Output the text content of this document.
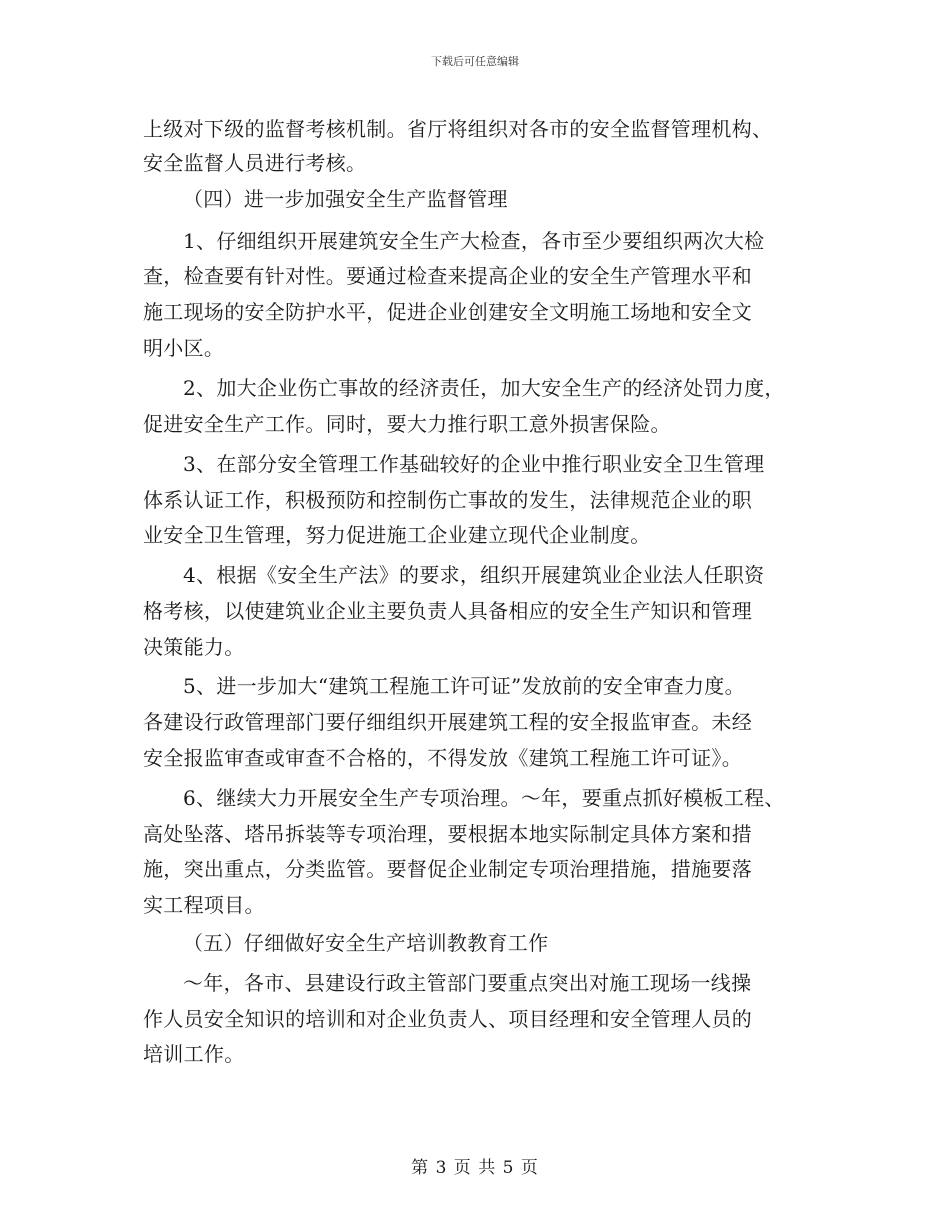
下载后可任意编辑
上级对下级的监督考核机制。省厅将组织对各市的安全监督管理机构、
安全监督人员进行考核。
（四）进一步加强安全生产监督管理
1、仔细组织开展建筑安全生产大检查，各市至少要组织两次大检
查，检查要有针对性。要通过检查来提高企业的安全生产管理水平和
施工现场的安全防护水平，促进企业创建安全文明施工场地和安全文
明小区。
2、加大企业伤亡事故的经济责任，加大安全生产的经济处罚力度，
促进安全生产工作。同时，要大力推行职工意外损害保险。
3、在部分安全管理工作基础较好的企业中推行职业安全卫生管理
体系认证工作，积极预防和控制伤亡事故的发生，法律规范企业的职
业安全卫生管理，努力促进施工企业建立现代企业制度。
4、根据《安全生产法》的要求，组织开展建筑业企业法人任职资
格考核，以使建筑业企业主要负责人具备相应的安全生产知识和管理
决策能力。
5、进一步加大“建筑工程施工许可证”发放前的安全审查力度。
各建设行政管理部门要仔细组织开展建筑工程的安全报监审查。未经
安全报监审查或审查不合格的，不得发放《建筑工程施工许可证》。
6、继续大力开展安全生产专项治理。～年，要重点抓好模板工程、
高处坠落、塔吊拆装等专项治理，要根据本地实际制定具体方案和措
施，突出重点，分类监管。要督促企业制定专项治理措施，措施要落
实工程项目。
（五）仔细做好安全生产培训教教育工作
～年，各市、县建设行政主管部门要重点突出对施工现场一线操
作人员安全知识的培训和对企业负责人、项目经理和安全管理人员的
培训工作。
第 3 页 共 5 页
